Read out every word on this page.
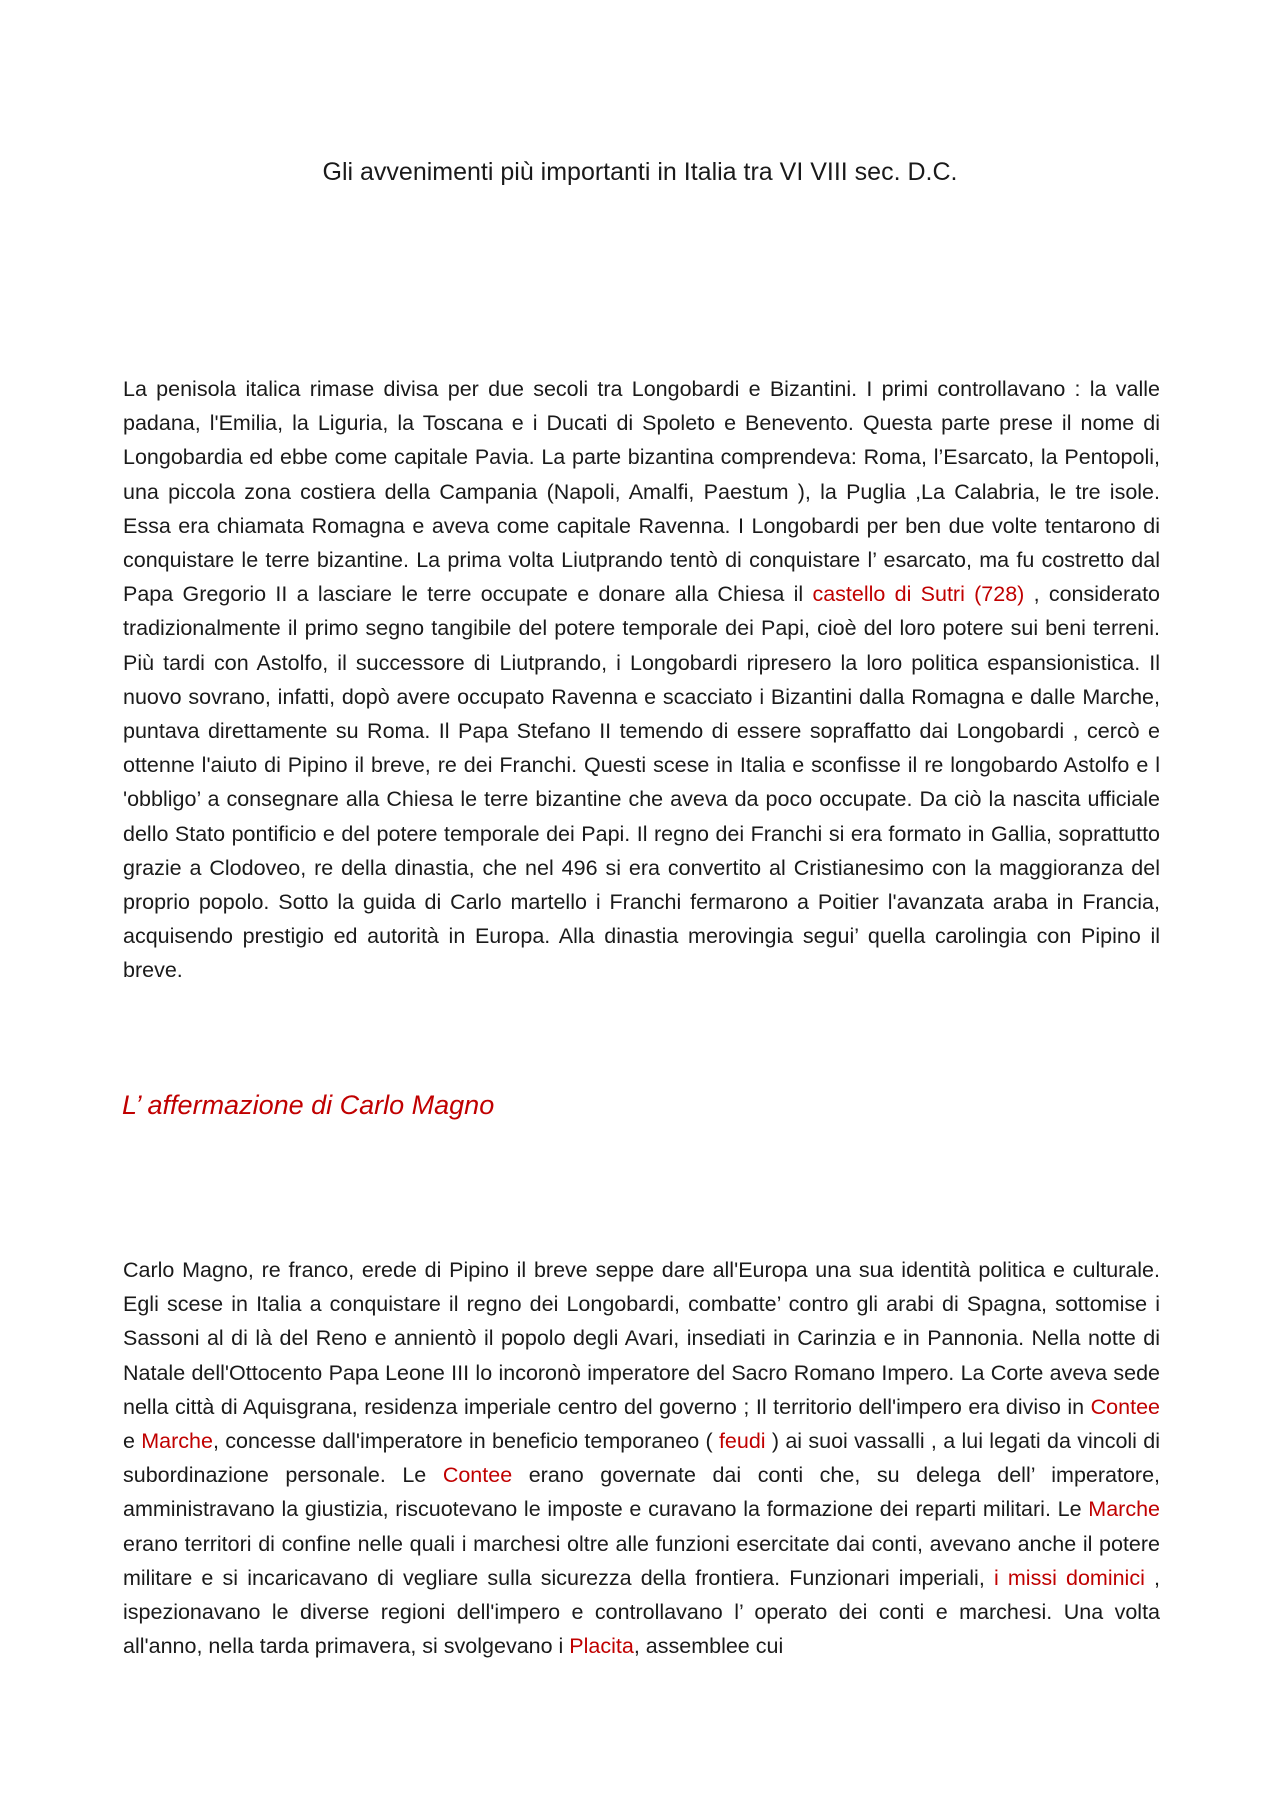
Gli avvenimenti più importanti in Italia tra VI VIII sec. D.C.

La penisola italica rimase divisa per due secoli tra Longobardi e Bizantini. I primi controllavano : la valle padana, l'Emilia, la Liguria, la Toscana e i Ducati di Spoleto e Benevento. Questa parte prese il nome di Longobardia ed ebbe come capitale Pavia. La parte bizantina comprendeva: Roma, l’Esarcato, la Pentopoli, una piccola zona costiera della Campania (Napoli, Amalfi, Paestum ), la Puglia ,La Calabria, le tre isole. Essa era chiamata Romagna e aveva come capitale Ravenna. I Longobardi per ben due volte tentarono di conquistare le terre bizantine. La prima volta Liutprando tentò di conquistare l’ esarcato, ma fu costretto dal Papa Gregorio II a lasciare le terre occupate e donare alla Chiesa il castello di Sutri (728) , considerato tradizionalmente il primo segno tangibile del potere temporale dei Papi, cioè del loro potere sui beni terreni. Più tardi con Astolfo, il successore di Liutprando, i Longobardi ripresero la loro politica espansionistica. Il nuovo sovrano, infatti, dopò avere occupato Ravenna e scacciato i Bizantini dalla Romagna e dalle Marche, puntava direttamente su Roma. Il Papa Stefano II temendo di essere sopraffatto dai Longobardi , cercò e ottenne l'aiuto di Pipino il breve, re dei Franchi. Questi scese in Italia e sconfisse il re longobardo Astolfo e l 'obbligo’ a consegnare alla Chiesa le terre bizantine che aveva da poco occupate. Da ciò la nascita ufficiale dello Stato pontificio e del potere temporale dei Papi. Il regno dei Franchi si era formato in Gallia, soprattutto grazie a Clodoveo, re della dinastia, che nel 496 si era convertito al Cristianesimo con la maggioranza del proprio popolo. Sotto la guida di Carlo martello i Franchi fermarono a Poitier l'avanzata araba in Francia, acquisendo prestigio ed autorità in Europa. Alla dinastia merovingia segui’ quella carolingia con Pipino il breve.

L’ affermazione di Carlo Magno

Carlo Magno, re franco, erede di Pipino il breve seppe dare all'Europa una sua identità politica e culturale. Egli scese in Italia a conquistare il regno dei Longobardi, combatte’ contro gli arabi di Spagna, sottomise i Sassoni al di là del Reno e annientò il popolo degli Avari, insediati in Carinzia e in Pannonia. Nella notte di Natale dell'Ottocento Papa Leone III lo incoronò imperatore del Sacro Romano Impero. La Corte aveva sede nella città di Aquisgrana, residenza imperiale centro del governo ; Il territorio dell'impero era diviso in Contee e Marche, concesse dall'imperatore in beneficio temporaneo ( feudi ) ai suoi vassalli , a lui legati da vincoli di subordinazione personale. Le Contee erano governate dai conti che, su delega dell’ imperatore, amministravano la giustizia, riscuotevano le imposte e curavano la formazione dei reparti militari. Le Marche erano territori di confine nelle quali i marchesi oltre alle funzioni esercitate dai conti, avevano anche il potere militare e si incaricavano di vegliare sulla sicurezza della frontiera. Funzionari imperiali, i missi dominici , ispezionavano le diverse regioni dell'impero e controllavano l’ operato dei conti e marchesi. Una volta all'anno, nella tarda primavera, si svolgevano i Placita, assemblee cui
